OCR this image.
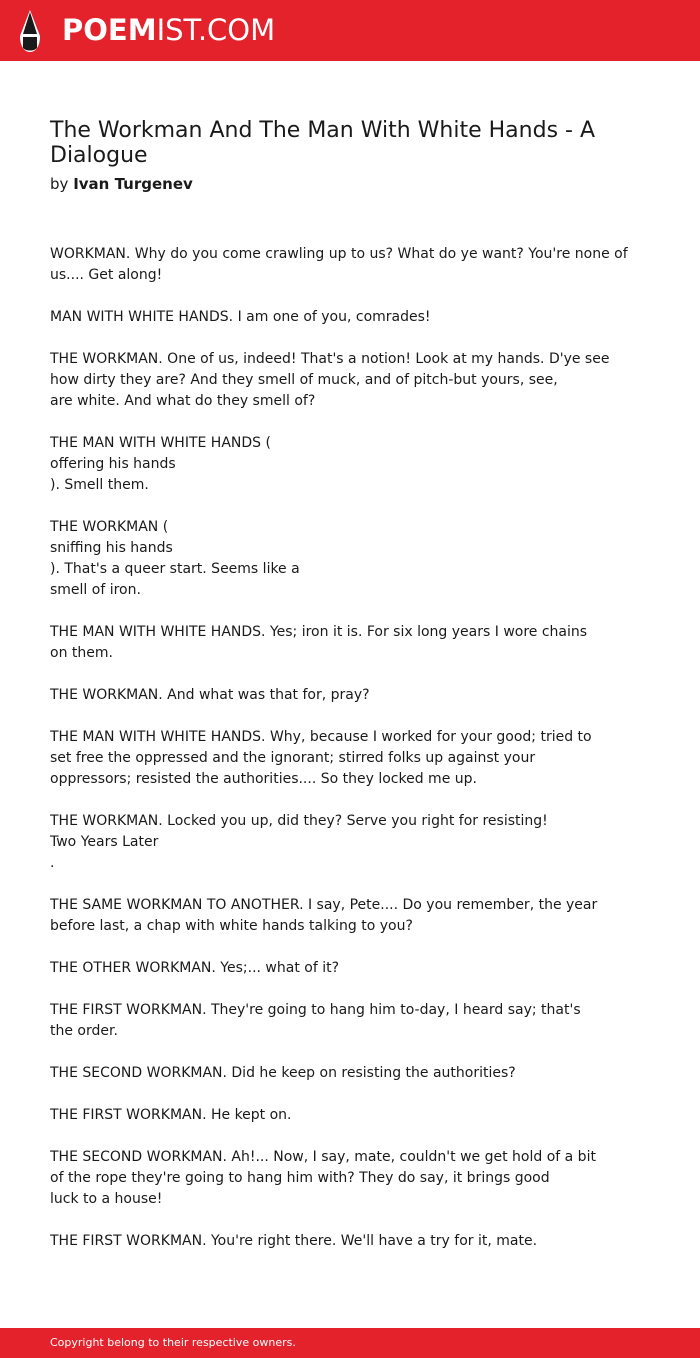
POEMIST.COM
The Workman And The Man With White Hands - A
Dialogue
by Ivan Turgenev

WORKMAN. Why do you come crawling up to us? What do ye want? You're none of
us.... Get along!

MAN WITH WHITE HANDS. I am one of you, comrades!

THE WORKMAN. One of us, indeed! That's a notion! Look at my hands. D'ye see
how dirty they are? And they smell of muck, and of pitch-but yours, see,
are white. And what do they smell of?

THE MAN WITH WHITE HANDS (
offering his hands
). Smell them.

THE WORKMAN (
sniffing his hands
). That's a queer start. Seems like a
smell of iron.

THE MAN WITH WHITE HANDS. Yes; iron it is. For six long years I wore chains
on them.

THE WORKMAN. And what was that for, pray?

THE MAN WITH WHITE HANDS. Why, because I worked for your good; tried to
set free the oppressed and the ignorant; stirred folks up against your
oppressors; resisted the authorities.... So they locked me up.

THE WORKMAN. Locked you up, did they? Serve you right for resisting!
Two Years Later
.

THE SAME WORKMAN TO ANOTHER. I say, Pete.... Do you remember, the year
before last, a chap with white hands talking to you?

THE OTHER WORKMAN. Yes;... what of it?

THE FIRST WORKMAN. They're going to hang him to-day, I heard say; that's
the order.

THE SECOND WORKMAN. Did he keep on resisting the authorities?

THE FIRST WORKMAN. He kept on.

THE SECOND WORKMAN. Ah!... Now, I say, mate, couldn't we get hold of a bit
of the rope they're going to hang him with? They do say, it brings good
luck to a house!

THE FIRST WORKMAN. You're right there. We'll have a try for it, mate.

Copyright belong to their respective owners.
